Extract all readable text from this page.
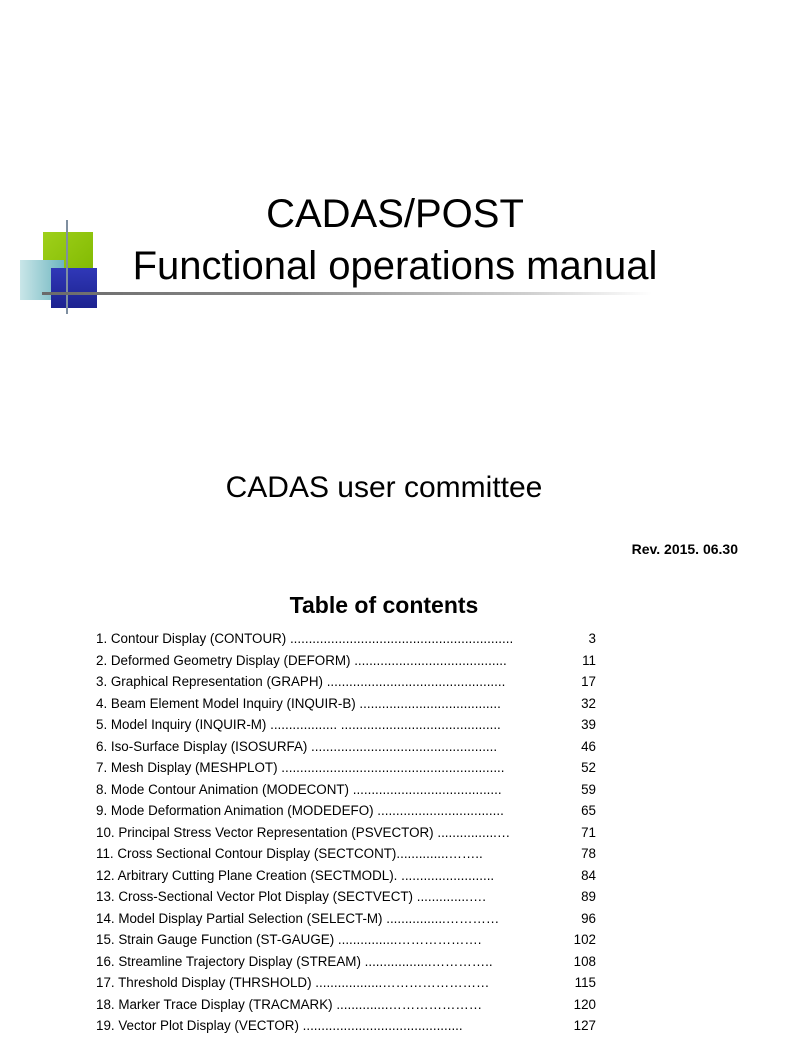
CADAS/POST
Functional operations manual
CADAS user committee
Rev. 2015. 06.30
Table of contents
1. Contour Display (CONTOUR) ............................................................	3
2. Deformed Geometry Display (DEFORM) .........................................	11
3. Graphical Representation (GRAPH) ................................................	17
4. Beam Element Model Inquiry (INQUIR-B) ......................................	32
5. Model Inquiry (INQUIR-M) .................. ...........................................	39
6. Iso-Surface Display (ISOSURFA) ..................................................	46
7. Mesh Display (MESHPLOT) ............................................................	52
8. Mode Contour Animation (MODECONT) ........................................	59
9. Mode Deformation Animation (MODEDEFO) ..................................	65
10. Principal Stress Vector Representation (PSVECTOR) ................…	71
11. Cross Sectional Contour Display (SECTCONT)..............……..	78
12. Arbitrary Cutting Plane Creation (SECTMODL). .........................	84
13. Cross-Sectional Vector Plot Display (SECTVECT) ..............….	89
14. Model Display Partial Selection (SELECT-M) ................…………	96
15. Strain Gauge Function (ST-GAUGE) ................……………….	102
16. Streamline Trajectory Display (STREAM) ..................…………..	108
17. Threshold Display (THRSHOLD) ..................……………………	115
18. Marker Trace Display (TRACMARK) ..............…………………	120
19. Vector Plot Display (VECTOR) ...........................................	127
